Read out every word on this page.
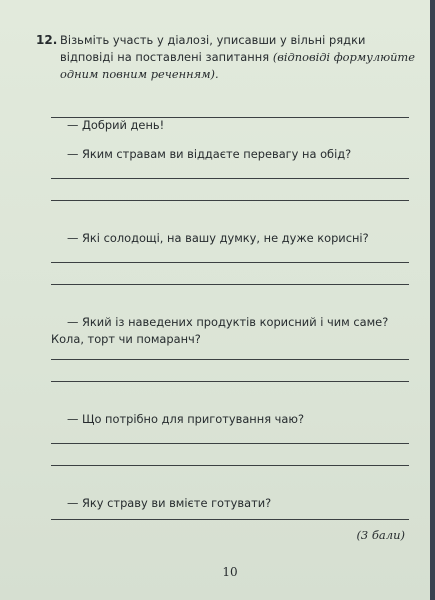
12. Візьміть участь у діалозі, уписавши у вільні рядки відповіді на поставлені запитання (відповіді формулюйте одним повним реченням).
— Добрий день!
— Яким стравам ви віддаєте перевагу на обід?
— Які солодощі, на вашу думку, не дуже корисні?
— Який із наведених продуктів корисний і чим саме? Кола, торт чи помаранч?
— Що потрібно для приготування чаю?
— Яку страву ви вмієте готувати?
(3 бали)
10
